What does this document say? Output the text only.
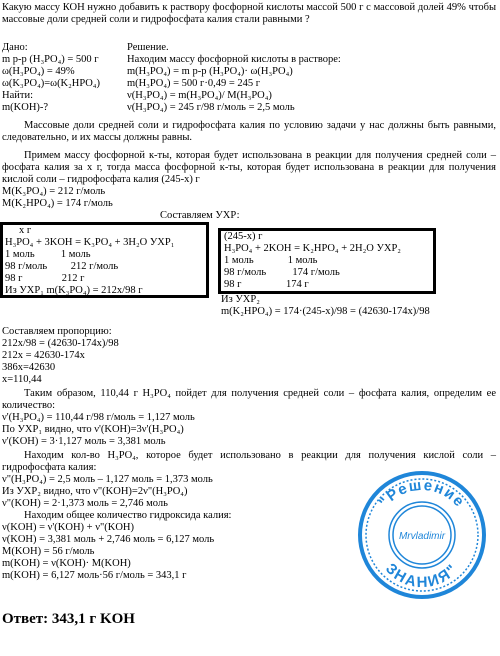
Какую массу КОН нужно добавить к раствору фосфорной кислоты массой 500 г с массовой долей 49% чтобы массовые доли средней соли и гидрофосфата калия стали равными ?
Дано:
m р-р (H₃PO₄) = 500 г
ω(H₃PO₄) = 49%
ω(K₃PO₄)=ω(K₂HPO₄)
Найти:
m(KOH)-?
Решение.
Находим массу фосфорной кислоты в растворе:
m(H₃PO₄) = m р-р (H₃PO₄)· ω(H₃PO₄)
m(H₃PO₄) = 500 г·0,49 = 245 г
ν(H₃PO₄) = m(H₃PO₄)/ M(H₃PO₄)
ν(H₃PO₄) = 245 г/98 г/моль = 2,5 моль
Массовые доли средней соли и гидрофосфата калия по условию задачи у нас должны быть равными, следовательно, и их массы должны равны.
Примем массу фосфорной к-ты, которая будет использована в реакции для получения средней соли – фосфата калия за х г, тогда масса фосфорной к-ты, которая будет использована в реакции для получения кислой соли – гидрофосфата калия (245-х) г
M(K₃PO₄) = 212 г/моль
M(K₂HPO₄) = 174 г/моль
Составляем УХР:
x г
H₃PO₄ + 3KOH = K₃PO₄ + 3H₂O УХР₁
1 моль          1 моль
98 г/моль         212 г/моль
98 г               212 г
Из УХР₁ m(K₃PO₄) = 212х/98 г
(245-х) г
H₃PO₄ + 2KOH = K₂HPO₄ + 2H₂O УХР₂
1 моль             1 моль
98 г/моль          174 г/моль
98 г                 174 г
Из УХР₂
m(K₂HPO₄) = 174·(245-х)/98 = (42630-174х)/98
Составляем пропорцию:
212х/98 = (42630-174х)/98
212х = 42630-174х
386х=42630
х=110,44
Таким образом, 110,44 г H₃PO₄ пойдет для получения средней соли – фосфата калия, определим ее количество:
ν'(H₃PO₄) = 110,44 г/98 г/моль = 1,127 моль
По УХР₁ видно, что ν'(KOH)=3ν'(H₃PO₄)
ν'(KOH) = 3·1,127 моль = 3,381 моль
Находим кол-во H₃PO₄, которое будет использовано в реакции для получения кислой соли – гидрофосфата калия:
ν"(H₃PO₄) = 2,5 моль – 1,127 моль = 1,373 моль
Из УХР₂ видно, что ν"(KOH)=2ν"(H₃PO₄)
ν"(KOH) = 2·1,373 моль = 2,746 моль
Находим общее количество гидроксида калия:
ν(KOH) = ν'(KOH) + ν"(KOH)
ν(KOH) = 3,381 моль + 2,746 моль = 6,127 моль
M(KOH) = 56 г/моль
m(KOH) = ν(KOH)· M(KOH)
m(KOH) = 6,127 моль·56 г/моль = 343,1 г
Ответ: 343,1 г KOH
"Решение
ЗНАНИЯ"
Mrvladimir
